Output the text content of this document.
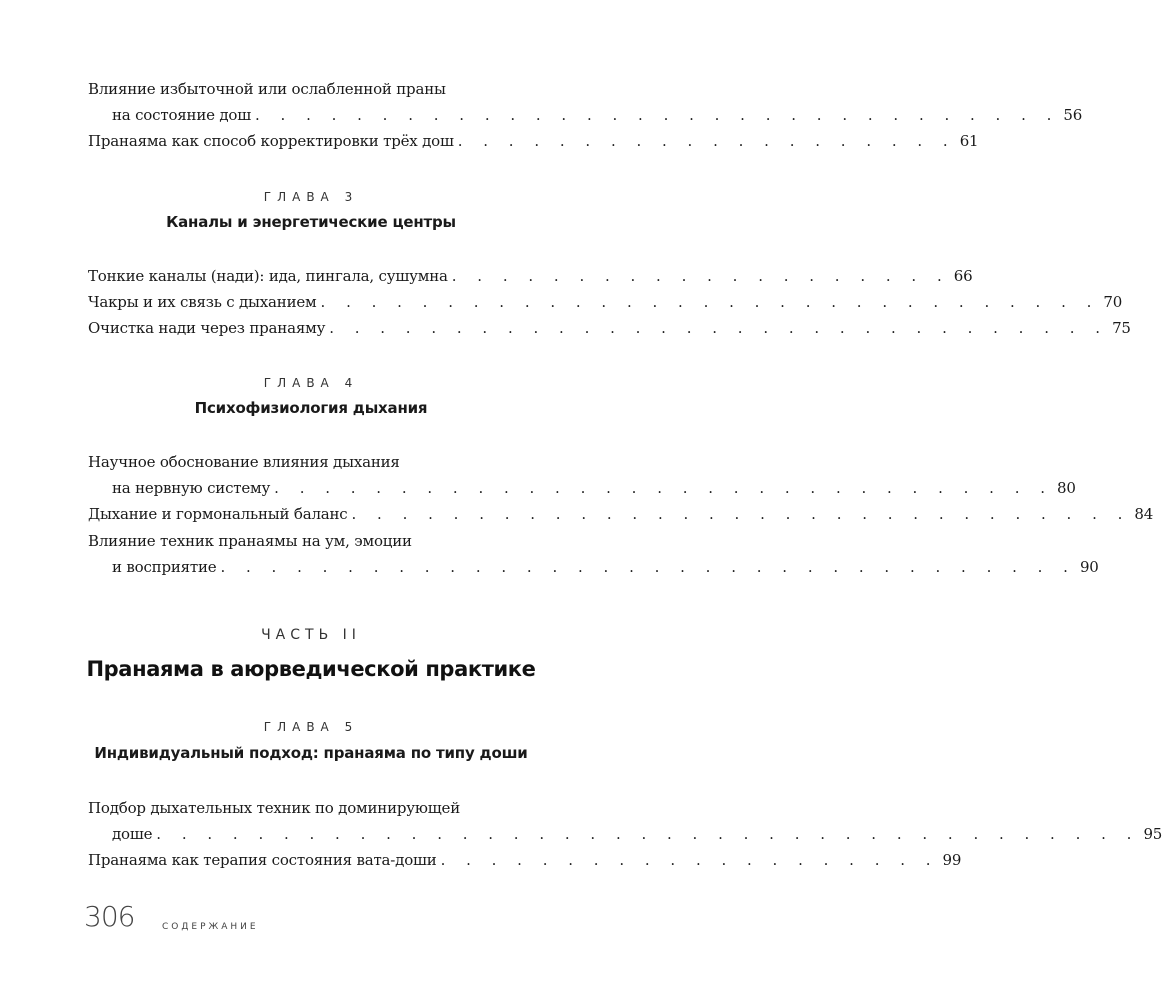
Влияние избыточной или ослабленной праны
на состояние дош . . . . . . . . . . . . . . . . . . . . . . . . . . . . . . . . 56
Пранаяма как способ корректировки трёх дош . . . . . . . . . . . . . . . . . . . . 61
ГЛАВА 3
Каналы и энергетические центры
Тонкие каналы (нади): ида, пингала, сушумна . . . . . . . . . . . . . . . . . . . . 66
Чакры и их связь с дыханием . . . . . . . . . . . . . . . . . . . . . . . . . . . . . . . 70
Очистка нади через пранаяму . . . . . . . . . . . . . . . . . . . . . . . . . . . . . . . 75
ГЛАВА 4
Психофизиология дыхания
Научное обоснование влияния дыхания
на нервную систему . . . . . . . . . . . . . . . . . . . . . . . . . . . . . . . 80
Дыхание и гормональный баланс . . . . . . . . . . . . . . . . . . . . . . . . . . . . . . . 84
Влияние техник пранаямы на ум, эмоции
и восприятие . . . . . . . . . . . . . . . . . . . . . . . . . . . . . . . . . . 90
ЧАСТЬ II
Пранаяма в аюрведической практике
ГЛАВА 5
Индивидуальный подход: пранаяма по типу доши
Подбор дыхательных техник по доминирующей
доше . . . . . . . . . . . . . . . . . . . . . . . . . . . . . . . . . . . . . . . 95
Пранаяма как терапия состояния вата-доши . . . . . . . . . . . . . . . . . . . . 99
306	СОДЕРЖАНИЕ
